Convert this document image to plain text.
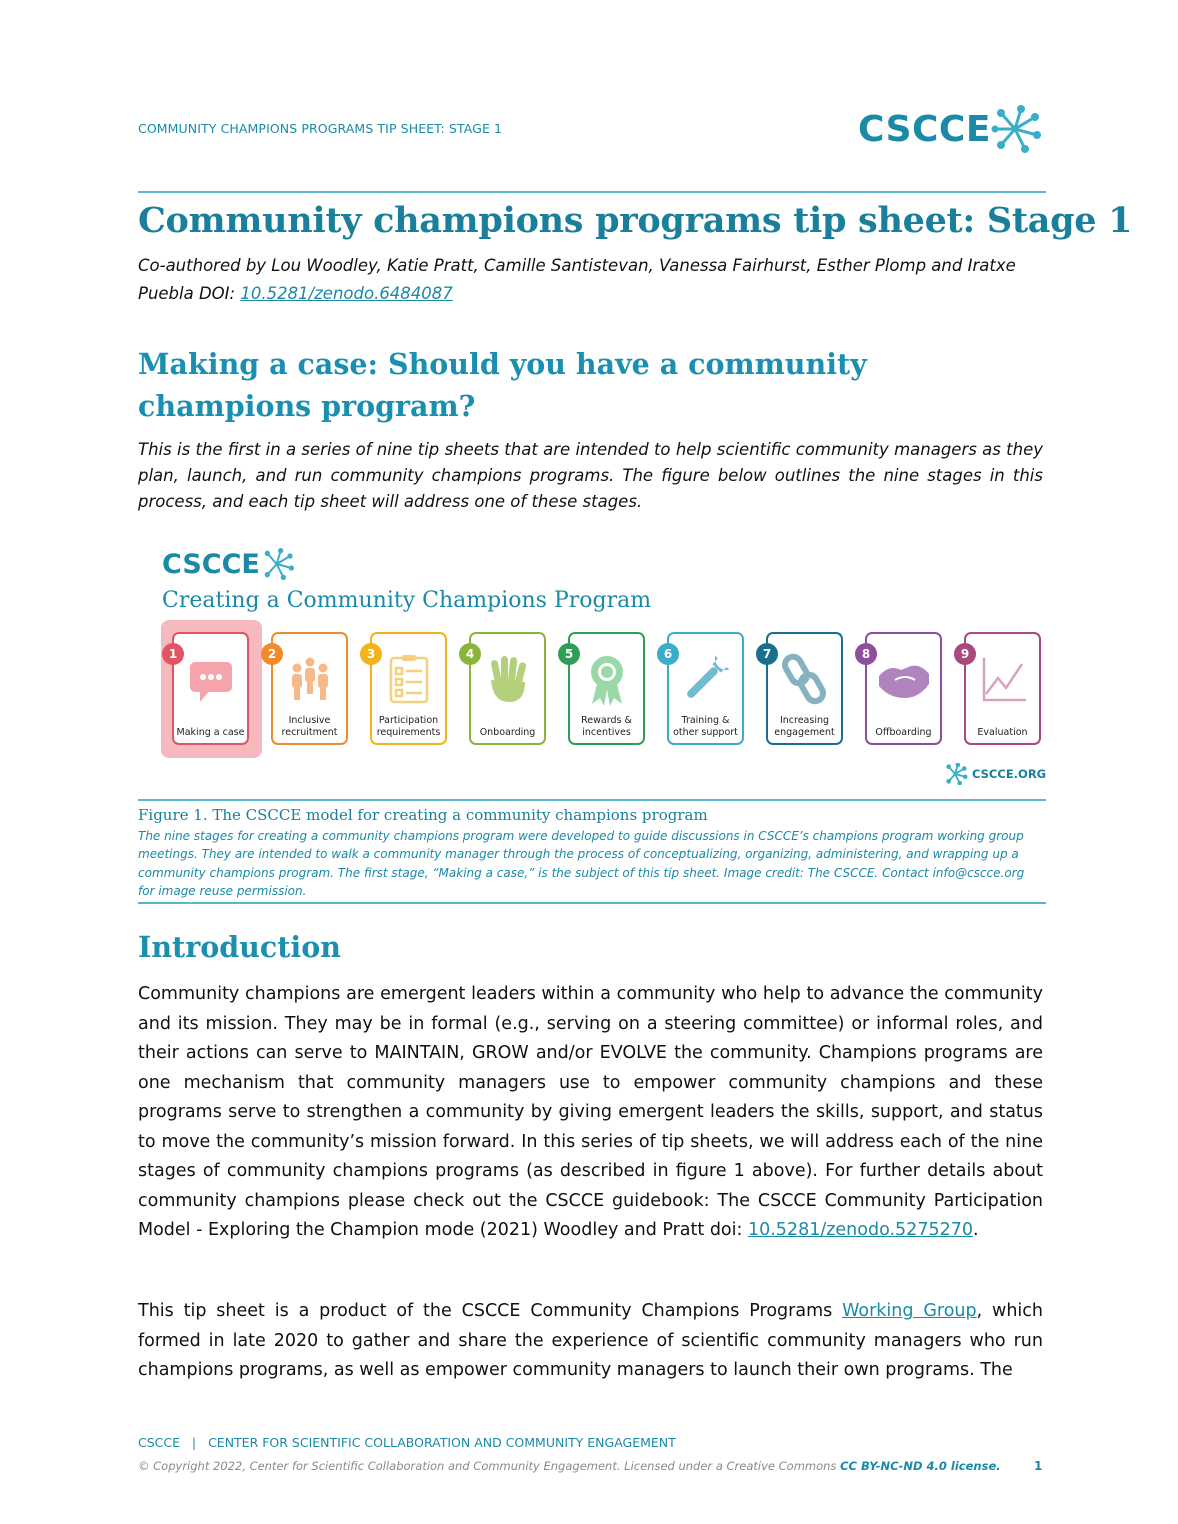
COMMUNITY CHAMPIONS PROGRAMS TIP SHEET: STAGE 1	CSCCE
Community champions programs tip sheet: Stage 1
Co-authored by Lou Woodley, Katie Pratt, Camille Santistevan, Vanessa Fairhurst, Esther Plomp and Iratxe Puebla DOI: 10.5281/zenodo.6484087
Making a case: Should you have a community champions program?
This is the first in a series of nine tip sheets that are intended to help scientific community managers as they plan, launch, and run community champions programs. The figure below outlines the nine stages in this process, and each tip sheet will address one of these stages.
CSCCE
Creating a Community Champions Program
Making a case
1
Inclusive recruitment
2
Participation requirements
3
Onboarding
4
Rewards & incentives
5
Training & other support
6
Increasing engagement
7
Offboarding
8
Evaluation
9
CSCCE.ORG
Figure 1. The CSCCE model for creating a community champions program
The nine stages for creating a community champions program were developed to guide discussions in CSCCE’s champions program working group meetings. They are intended to walk a community manager through the process of conceptualizing, organizing, administering, and wrapping up a community champions program. The first stage, “Making a case,” is the subject of this tip sheet. Image credit: The CSCCE. Contact info@cscce.org for image reuse permission.
Introduction
Community champions are emergent leaders within a community who help to advance the community and its mission. They may be in formal (e.g., serving on a steering committee) or informal roles, and their actions can serve to MAINTAIN, GROW and/or EVOLVE the community. Champions programs are one mechanism that community managers use to empower community champions and these programs serve to strengthen a community by giving emergent leaders the skills, support, and status to move the community’s mission forward. In this series of tip sheets, we will address each of the nine stages of community champions programs (as described in figure 1 above). For further details about community champions please check out the CSCCE guidebook: The CSCCE Community Participation Model - Exploring the Champion mode (2021) Woodley and Pratt doi: 10.5281/zenodo.5275270.
This tip sheet is a product of the CSCCE Community Champions Programs Working Group, which formed in late 2020 to gather and share the experience of scientific community managers who run champions programs, as well as empower community managers to launch their own programs. The
CSCCE   |   CENTER FOR SCIENTIFIC COLLABORATION AND COMMUNITY ENGAGEMENT
© Copyright 2022, Center for Scientific Collaboration and Community Engagement. Licensed under a Creative Commons CC BY-NC-ND 4.0 license.	1
